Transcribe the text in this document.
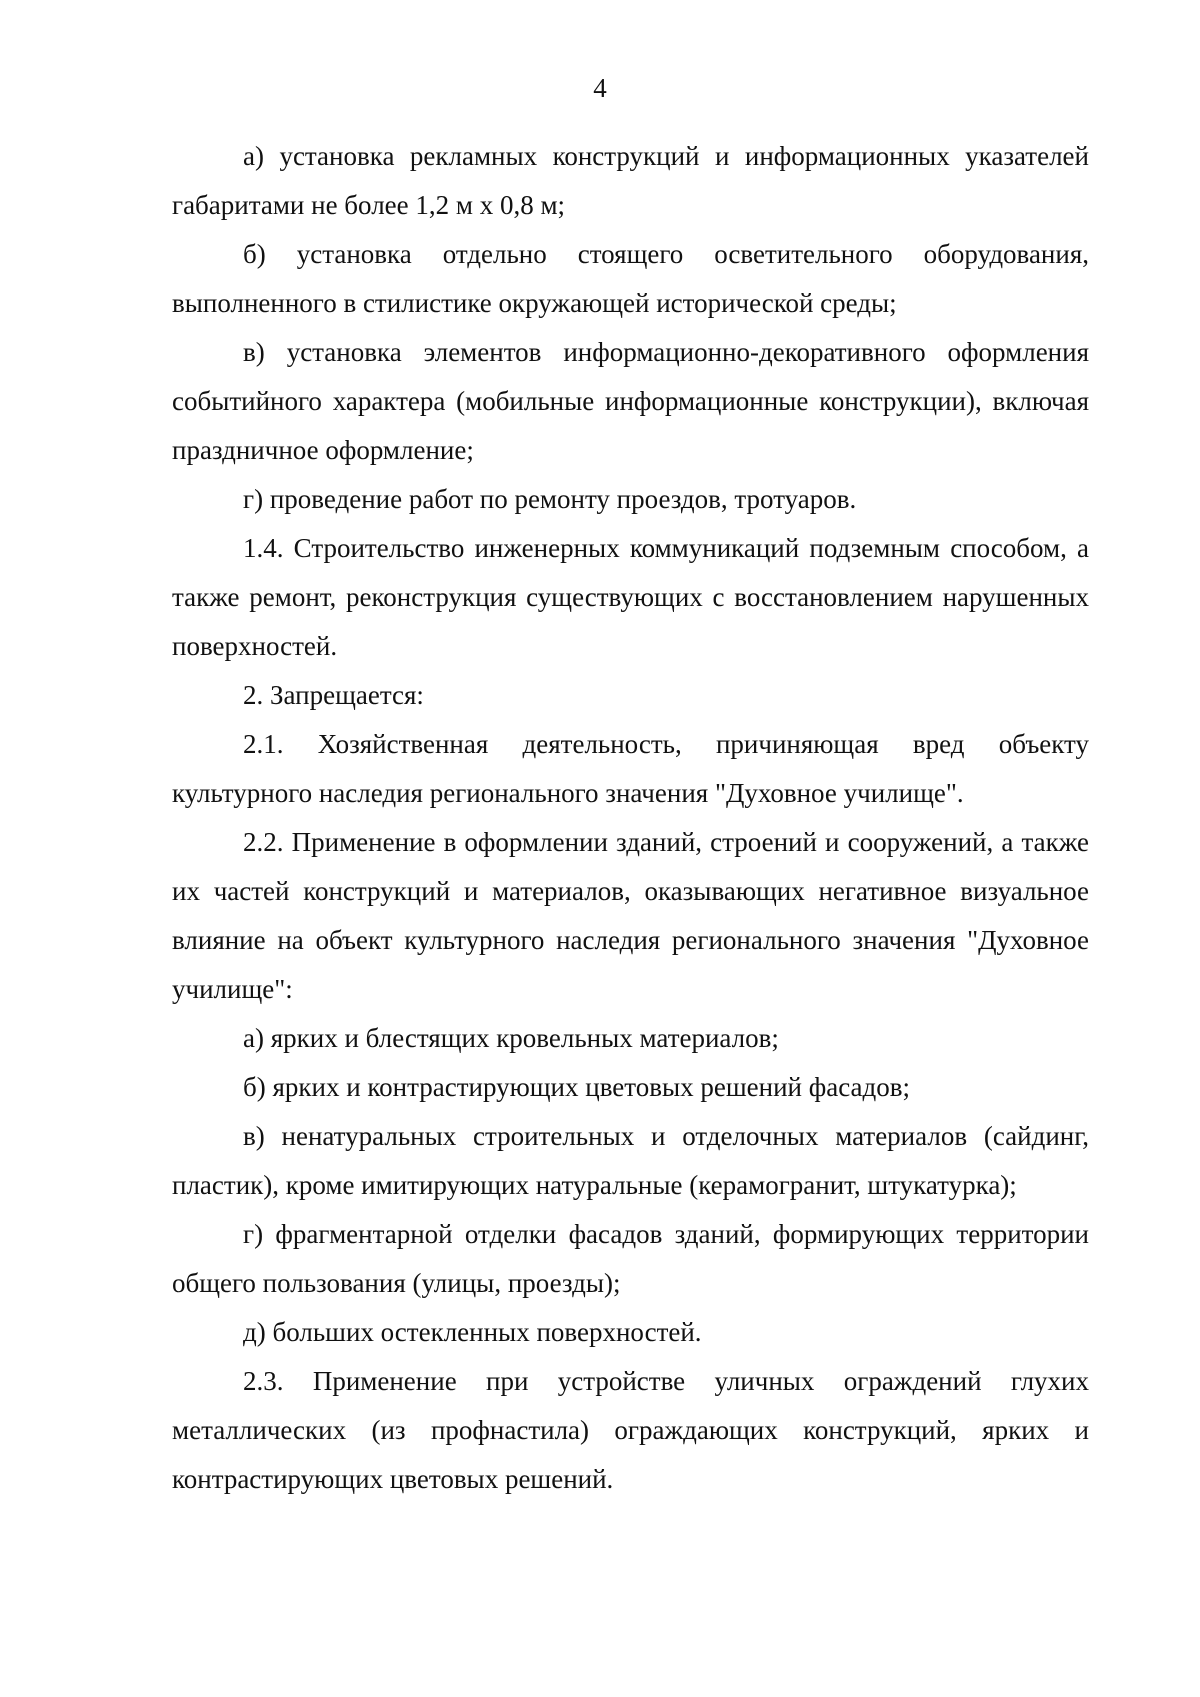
4

а) установка рекламных конструкций и информационных указателей габаритами не более 1,2 м x 0,8 м;

б) установка отдельно стоящего осветительного оборудования, выполненного в стилистике окружающей исторической среды;

в) установка элементов информационно-декоративного оформления событийного характера (мобильные информационные конструкции), включая праздничное оформление;

г) проведение работ по ремонту проездов, тротуаров.

1.4. Строительство инженерных коммуникаций подземным способом, а также ремонт, реконструкция существующих с восстановлением нарушенных поверхностей.

2. Запрещается:

2.1. Хозяйственная деятельность, причиняющая вред объекту культурного наследия регионального значения "Духовное училище".

2.2. Применение в оформлении зданий, строений и сооружений, а также их частей конструкций и материалов, оказывающих негативное визуальное влияние на объект культурного наследия регионального значения "Духовное училище":

а) ярких и блестящих кровельных материалов;

б) ярких и контрастирующих цветовых решений фасадов;

в) ненатуральных строительных и отделочных материалов (сайдинг, пластик), кроме имитирующих натуральные (керамогранит, штукатурка);

г) фрагментарной отделки фасадов зданий, формирующих территории общего пользования (улицы, проезды);

д) больших остекленных поверхностей.

2.3. Применение при устройстве уличных ограждений глухих металлических (из профнастила) ограждающих конструкций, ярких и контрастирующих цветовых решений.
